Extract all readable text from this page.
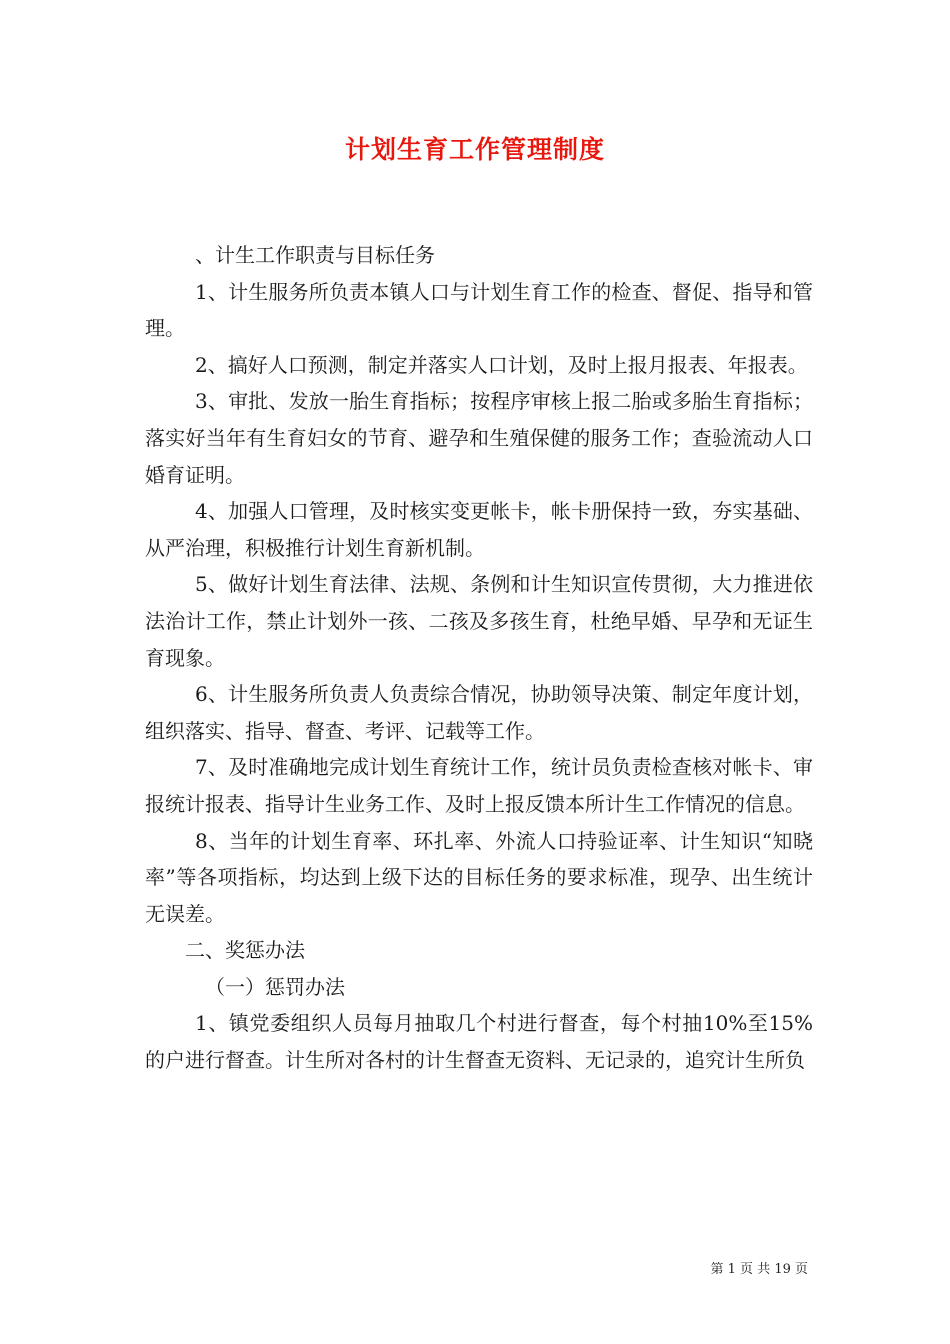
计划生育工作管理制度

、计生工作职责与目标任务

1、计生服务所负责本镇人口与计划生育工作的检查、督促、指导和管理。

2、搞好人口预测，制定并落实人口计划，及时上报月报表、年报表。

3、审批、发放一胎生育指标；按程序审核上报二胎或多胎生育指标；落实好当年有生育妇女的节育、避孕和生殖保健的服务工作；查验流动人口婚育证明。

4、加强人口管理，及时核实变更帐卡，帐卡册保持一致，夯实基础、从严治理，积极推行计划生育新机制。

5、做好计划生育法律、法规、条例和计生知识宣传贯彻，大力推进依法治计工作，禁止计划外一孩、二孩及多孩生育，杜绝早婚、早孕和无证生育现象。

6、计生服务所负责人负责综合情况，协助领导决策、制定年度计划，组织落实、指导、督查、考评、记载等工作。

7、及时准确地完成计划生育统计工作，统计员负责检查核对帐卡、审报统计报表、指导计生业务工作、及时上报反馈本所计生工作情况的信息。

8、当年的计划生育率、环扎率、外流人口持验证率、计生知识“知晓率”等各项指标，均达到上级下达的目标任务的要求标准，现孕、出生统计无误差。

二、奖惩办法

（一）惩罚办法

1、镇党委组织人员每月抽取几个村进行督查，每个村抽10%至15%的户进行督查。计生所对各村的计生督查无资料、无记录的，追究计生所负

第 1 页 共 19 页
